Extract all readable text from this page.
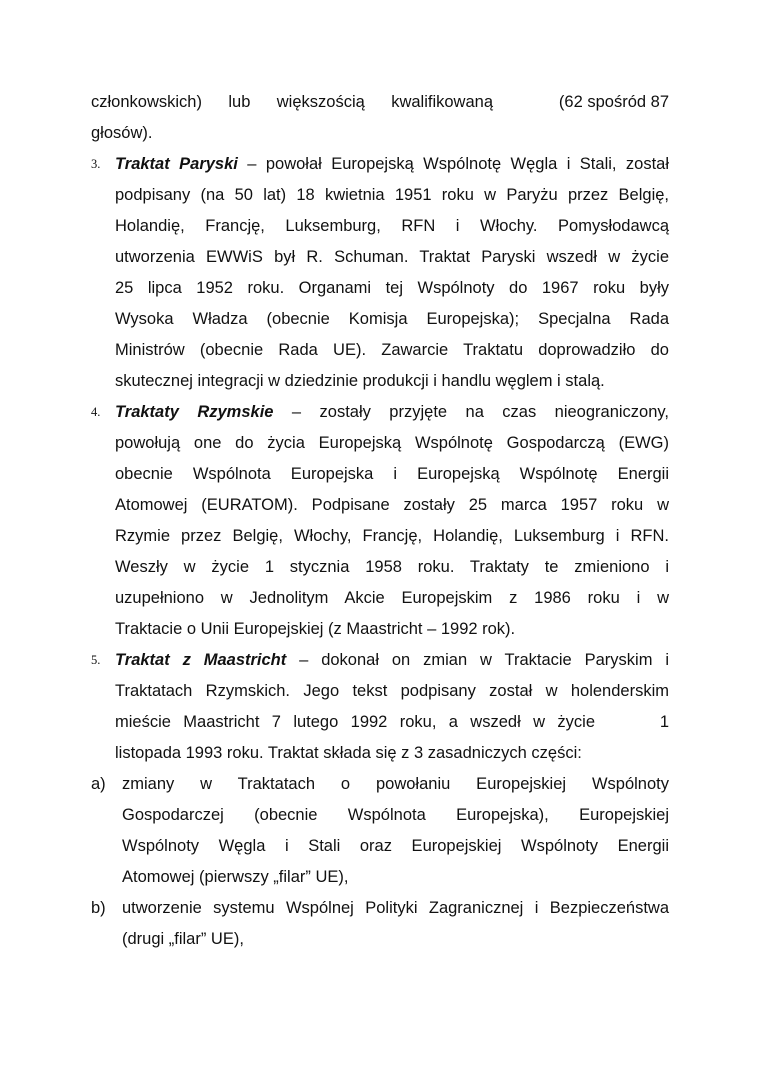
członkowskich) lub większością kwalifikowaną	(62 spośród 87
głosów).
3. Traktat Paryski – powołał Europejską Wspólnotę Węgla i Stali, został
podpisany (na 50 lat) 18 kwietnia 1951 roku w Paryżu przez Belgię,
Holandię, Francję, Luksemburg, RFN i Włochy. Pomysłodawcą
utworzenia EWWiS był R. Schuman. Traktat Paryski wszedł w życie
25 lipca 1952 roku. Organami tej Wspólnoty do 1967 roku były
Wysoka Władza (obecnie Komisja Europejska); Specjalna Rada
Ministrów (obecnie Rada UE). Zawarcie Traktatu doprowadziło do
skutecznej integracji w dziedzinie produkcji i handlu węglem i stalą.
4. Traktaty Rzymskie – zostały przyjęte na czas nieograniczony,
powołują one do życia Europejską Wspólnotę Gospodarczą (EWG)
obecnie Wspólnota Europejska i Europejską Wspólnotę Energii
Atomowej (EURATOM). Podpisane zostały 25 marca 1957 roku w
Rzymie przez Belgię, Włochy, Francję, Holandię, Luksemburg i RFN.
Weszły w życie 1 stycznia 1958 roku. Traktaty te zmieniono i
uzupełniono w Jednolitym Akcie Europejskim z 1986 roku i w
Traktacie o Unii Europejskiej (z Maastricht – 1992 rok).
5. Traktat z Maastricht – dokonał on zmian w Traktacie Paryskim i
Traktatach Rzymskich. Jego tekst podpisany został w holenderskim
mieście Maastricht 7 lutego 1992 roku, a wszedł w życie	1
listopada 1993 roku. Traktat składa się z 3 zasadniczych części:
a) zmiany w Traktatach o powołaniu Europejskiej Wspólnoty
Gospodarczej (obecnie Wspólnota Europejska), Europejskiej
Wspólnoty Węgla i Stali oraz Europejskiej Wspólnoty Energii
Atomowej (pierwszy „filar” UE),
b) utworzenie systemu Wspólnej Polityki Zagranicznej i Bezpieczeństwa
(drugi „filar” UE),
